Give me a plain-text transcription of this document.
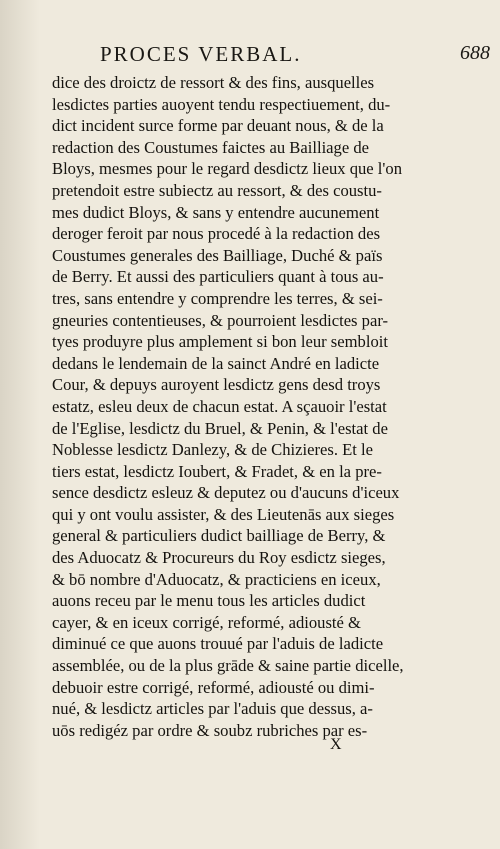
PROCES VERBAL.	688
dice des droictz de ressort & des fins, ausquelles
lesdictes parties auoyent tendu respectiuement, du-
dict incident surce forme par deuant nous, & de la
redaction des Coustumes faictes au Bailliage de
Bloys, mesmes pour le regard desdictz lieux que l'on
pretendoit estre subiectz au ressort, & des coustu-
mes dudict Bloys, & sans y entendre aucunement
deroger feroit par nous procedé à la redaction des
Coustumes generales des Bailliage, Duché & païs
de Berry. Et aussi des particuliers quant à tous au-
tres, sans entendre y comprendre les terres, & sei-
gneuries contentieuses, & pourroient lesdictes par-
tyes produyre plus amplement si bon leur sembloit
dedans le lendemain de la sainct André en ladicte
Cour, & depuys auroyent lesdictz gens desd troys
estatz, esleu deux de chacun estat. A sçauoir l'estat
de l'Eglise, lesdictz du Bruel, & Penin, & l'estat de
Noblesse lesdictz Danlezy, & de Chizieres. Et le
tiers estat, lesdictz Ioubert, & Fradet, & en la pre-
sence desdictz esleuz & deputez ou d'aucuns d'iceux
qui y ont voulu assister, & des Lieutenās aux sieges
general & particuliers dudict bailliage de Berry, &
des Aduocatz & Procureurs du Roy esdictz sieges,
& bō nombre d'Aduocatz, & practiciens en iceux,
auons receu par le menu tous les articles dudict
cayer, & en iceux corrigé, reformé, adiousté &
diminué ce que auons trouué par l'aduis de ladicte
assemblée, ou de la plus grāde & saine partie dicelle,
debuoir estre corrigé, reformé, adiousté ou dimi-
nué, & lesdictz articles par l'aduis que dessus, a-
uōs redigéz par ordre & soubz rubriches par es-
X
